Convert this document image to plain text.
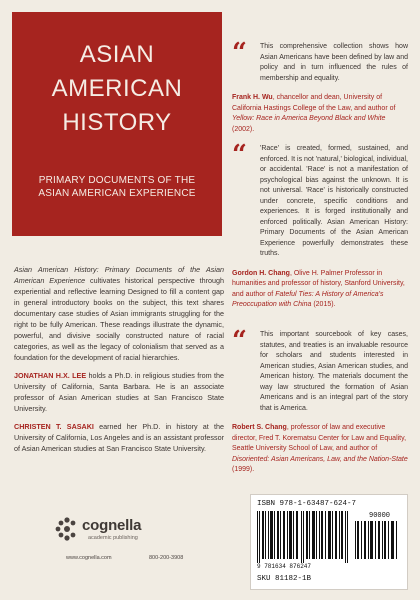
ASIAN
AMERICAN
HISTORY
PRIMARY DOCUMENTS OF THE
ASIAN AMERICAN EXPERIENCE

Asian American History: Primary Documents of the Asian American Experience cultivates historical perspective through experiential and reflective learning Designed to fill a content gap in general introductory books on the subject, this text shares documentary case studies of Asian immigrants struggling for the right to be fully American. These readings illustrate the dynamic, powerful, and divisive socially constructed nature of racial categories, as well as the legacy of colonialism that served as a foundation for the development of racial hierarchies.

JONATHAN H.X. LEE holds a Ph.D. in religious studies from the University of California, Santa Barbara. He is an associate professor of Asian American studies at San Francisco State University.

CHRISTEN T. SASAKI earned her Ph.D. in history at the University of California, Los Angeles and is an assistant professor of Asian American studies at San Francisco State University.

cognella
academic publishing
www.cognella.com	800-200-3908
“	This comprehensive collection shows how Asian Americans have been defined by law and policy and in turn influenced the rules of membership and equality.
Frank H. Wu, chancellor and dean, University of California Hastings College of the Law, and author of Yellow: Race in America Beyond Black and White (2002).
“	'Race' is created, formed, sustained, and enforced. It is not 'natural,' biological, individual, or accidental. 'Race' is not a manifestation of psychological bias against the unknown. It is not universal. 'Race' is historically constructed under concrete, specific conditions and experiences. It is forged institutionally and enforced politically. Asian American History: Primary Documents of the Asian American Experience powerfully demonstrates these truths.
Gordon H. Chang, Olive H. Palmer Professor in humanities and professor of history, Stanford University, and author of Fateful Ties: A History of America's Preoccupation with China (2015).
“	This important sourcebook of key cases, statutes, and treaties is an invaluable resource for scholars and students interested in American studies, Asian American studies, and American history. The materials document the way law structured the formation of Asian Americans and is an integral part of the story that is America.
Robert S. Chang, professor of law and executive director, Fred T. Korematsu Center for Law and Equality, Seattle University School of Law, and author of Disoriented: Asian Americans, Law, and the Nation-State (1999).
ISBN 978-1-63487-624-7
90000
9 781634 876247
SKU 81182-1B
